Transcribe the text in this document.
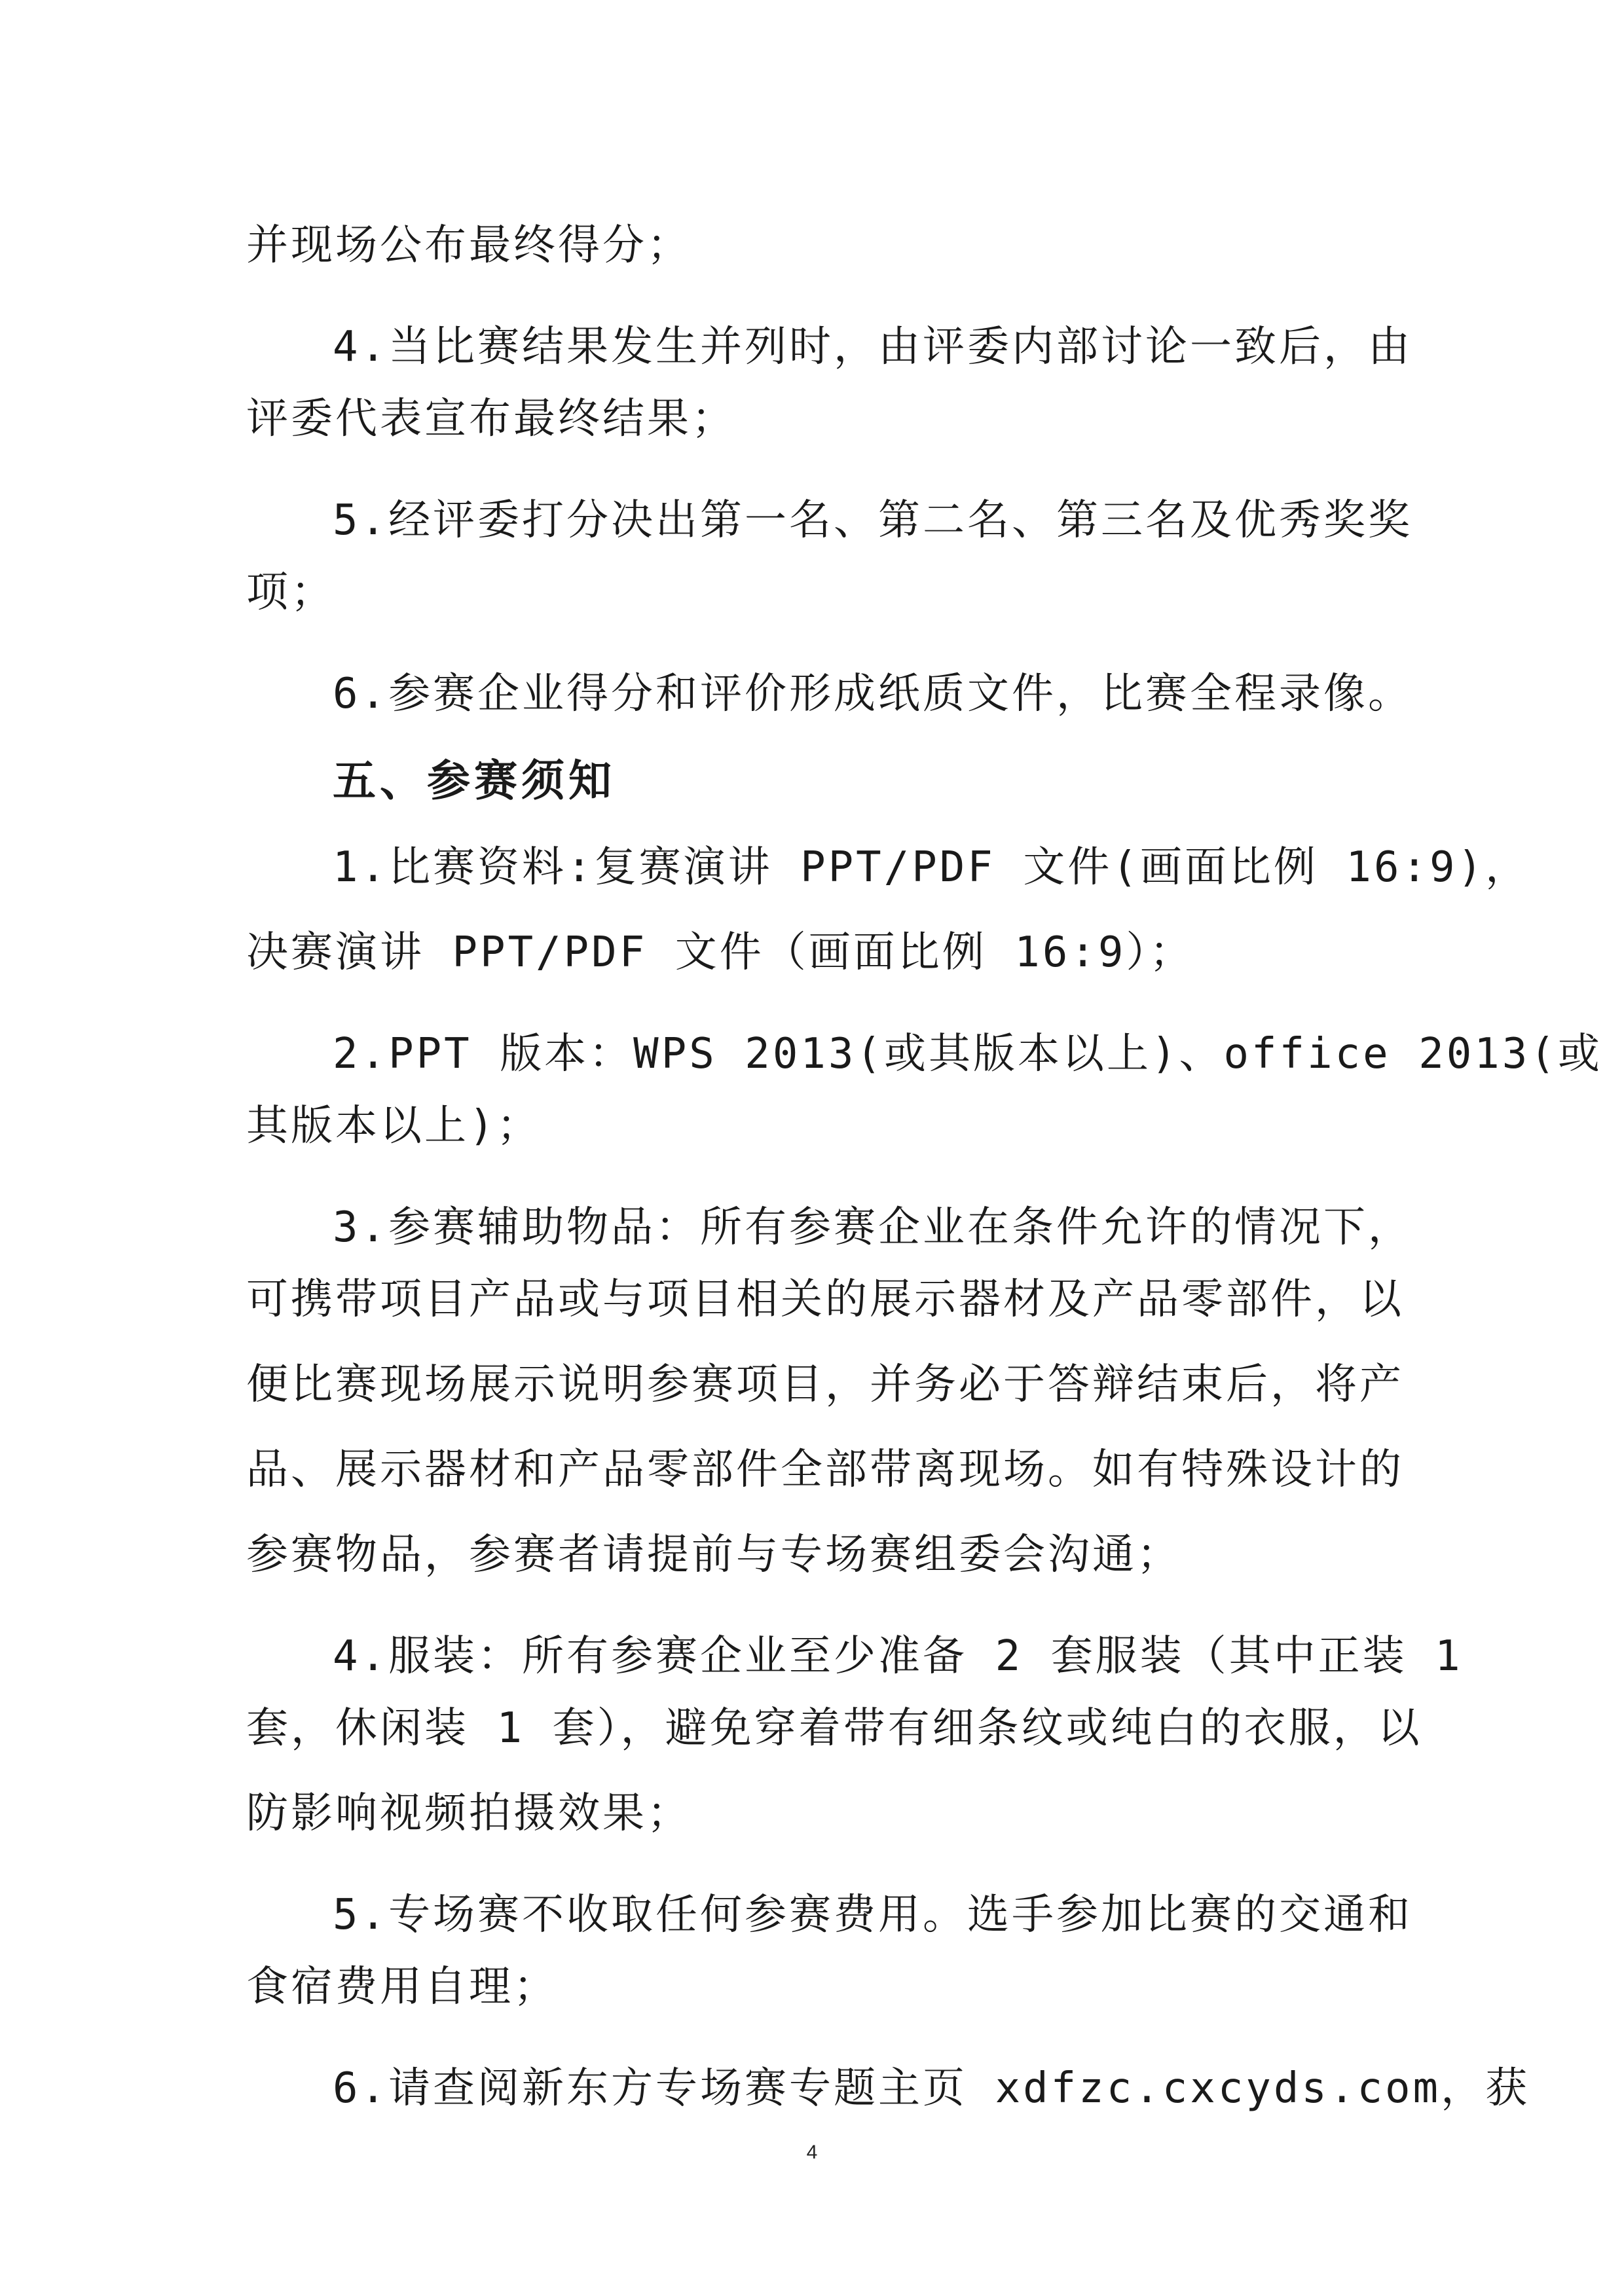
并现场公布最终得分；
4.当比赛结果发生并列时，由评委内部讨论一致后，由
评委代表宣布最终结果；
5.经评委打分决出第一名、第二名、第三名及优秀奖奖
项；
6.参赛企业得分和评价形成纸质文件，比赛全程录像。
五、参赛须知
1.比赛资料:复赛演讲 PPT/PDF 文件(画面比例 16:9)，
决赛演讲 PPT/PDF 文件（画面比例 16:9）；
2.PPT 版本：WPS 2013(或其版本以上)、office 2013(或
其版本以上)；
3.参赛辅助物品：所有参赛企业在条件允许的情况下，
可携带项目产品或与项目相关的展示器材及产品零部件，以
便比赛现场展示说明参赛项目，并务必于答辩结束后，将产
品、展示器材和产品零部件全部带离现场。如有特殊设计的
参赛物品，参赛者请提前与专场赛组委会沟通；
4.服装：所有参赛企业至少准备 2 套服装（其中正装 1
套，休闲装 1 套），避免穿着带有细条纹或纯白的衣服，以
防影响视频拍摄效果；
5.专场赛不收取任何参赛费用。选手参加比赛的交通和
食宿费用自理；
6.请查阅新东方专场赛专题主页 xdfzc.cxcyds.com，获
4
